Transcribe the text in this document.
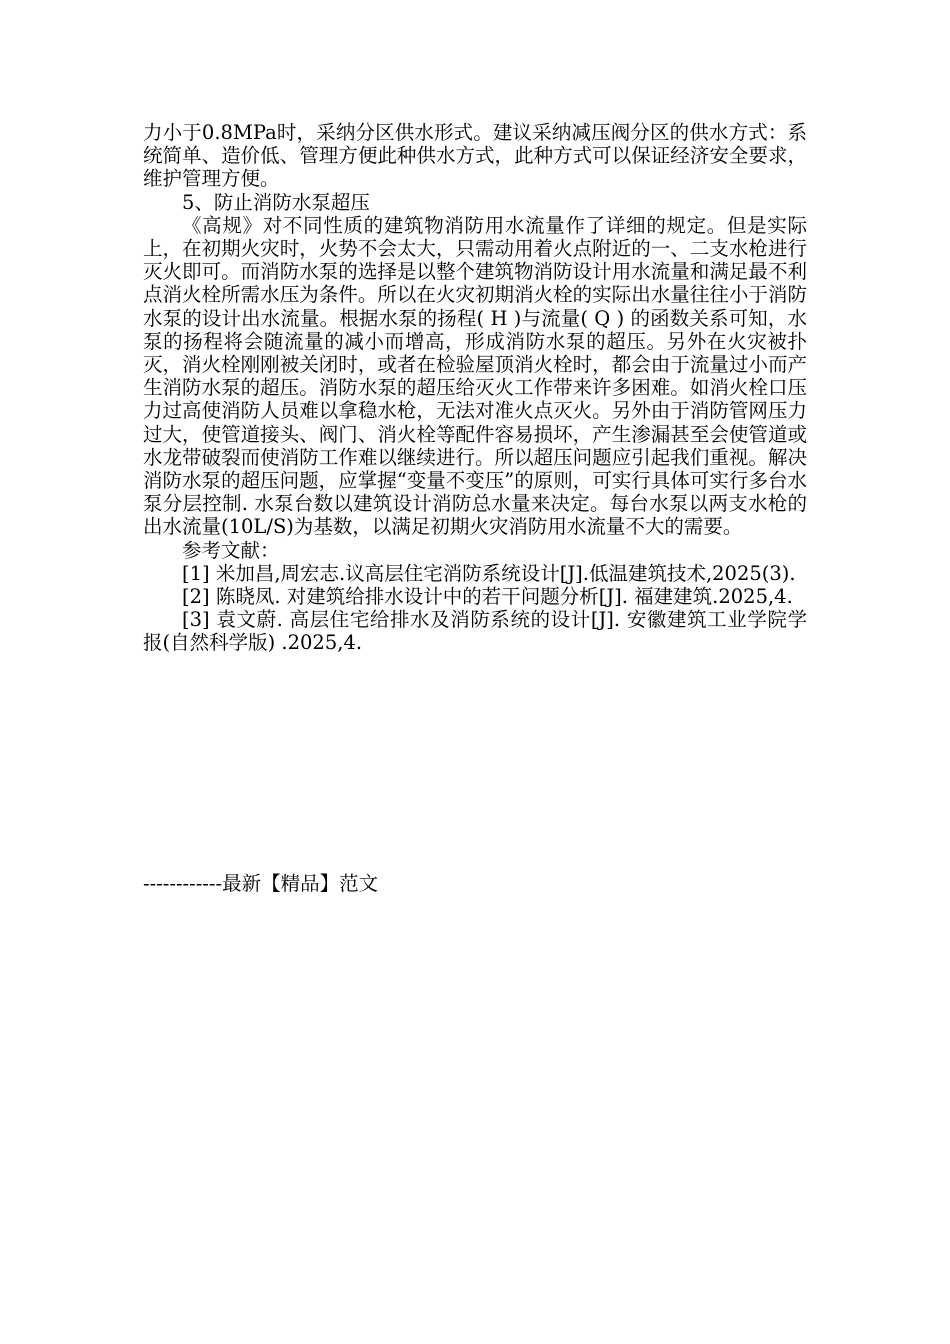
力小于0.8MPa时，采纳分区供水形式。建议采纳减压阀分区的供水方式：系统简单、造价低、管理方便此种供水方式，此种方式可以保证经济安全要求，维护管理方便。

5、防止消防水泵超压

《高规》对不同性质的建筑物消防用水流量作了详细的规定。但是实际上，在初期火灾时，火势不会太大，只需动用着火点附近的一、二支水枪进行灭火即可。而消防水泵的选择是以整个建筑物消防设计用水流量和满足最不利点消火栓所需水压为条件。所以在火灾初期消火栓的实际出水量往往小于消防水泵的设计出水流量。根据水泵的扬程( H )与流量( Q ) 的函数关系可知，水泵的扬程将会随流量的减小而增高，形成消防水泵的超压。另外在火灾被扑灭，消火栓刚刚被关闭时，或者在检验屋顶消火栓时，都会由于流量过小而产生消防水泵的超压。消防水泵的超压给灭火工作带来许多困难。如消火栓口压力过高使消防人员难以拿稳水枪，无法对准火点灭火。另外由于消防管网压力过大，使管道接头、阀门、消火栓等配件容易损坏，产生渗漏甚至会使管道或水龙带破裂而使消防工作难以继续进行。所以超压问题应引起我们重视。解决消防水泵的超压问题，应掌握“变量不变压”的原则，可实行具体可实行多台水泵分层控制. 水泵台数以建筑设计消防总水量来决定。每台水泵以两支水枪的出水流量(10L/S)为基数，以满足初期火灾消防用水流量不大的需要。

参考文献：

[1] 米加昌,周宏志.议高层住宅消防系统设计[J].低温建筑技术,2025(3).

[2] 陈晓凤. 对建筑给排水设计中的若干问题分析[J]. 福建建筑.2025,4.

[3] 袁文蔚. 高层住宅给排水及消防系统的设计[J]. 安徽建筑工业学院学报(自然科学版) .2025,4.

------------最新【精品】范文
